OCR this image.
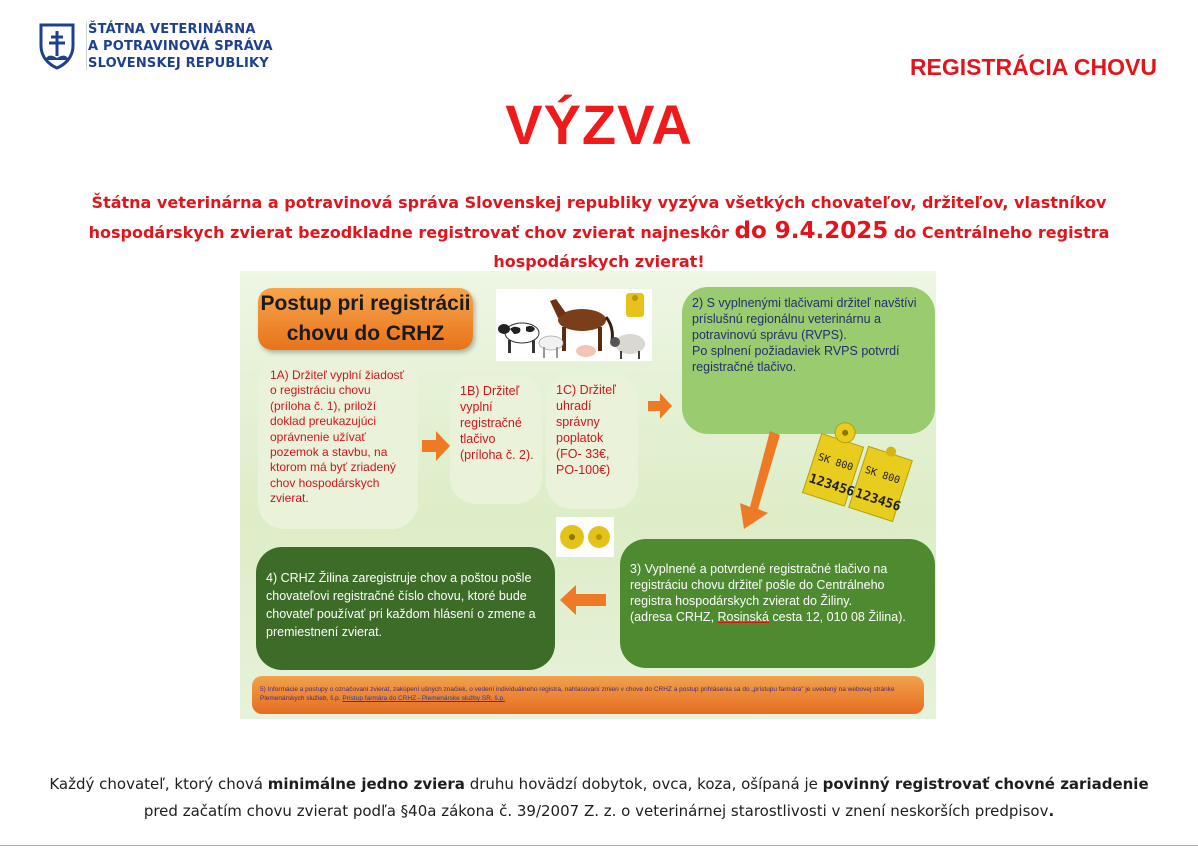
ŠTÁTNA VETERINÁRNA
A POTRAVINOVÁ SPRÁVA
SLOVENSKEJ REPUBLIKY	REGISTRÁCIA CHOVU
VÝZVA
Štátna veterinárna a potravinová správa Slovenskej republiky vyzýva všetkých chovateľov, držiteľov, vlastníkov hospodárskych zvierat bezodkladne registrovať chov zvierat najneskôr do 9.4.2025 do Centrálneho registra hospodárskych zvierat!
Postup pri registrácii
chovu do CRHZ
1A) Držiteľ vyplní žiadosť o registráciu chovu (príloha č. 1), priloží doklad preukazujúci oprávnenie užívať pozemok a stavbu, na ktorom má byť zriadený chov hospodárskych zvierat.
1B) Držiteľ vyplní registračné tlačivo (príloha č. 2).
1C) Držiteľ uhradí správny poplatok (FO- 33€, PO-100€)
2) S vyplnenými tlačivami držiteľ navštívi príslušnú regionálnu veterinárnu a potravinovú správu (RVPS).
Po splnení požiadaviek RVPS potvrdí registračné tlačivo.
3) Vyplnené a potvrdené registračné tlačivo na registráciu chovu držiteľ pošle do Centrálneho registra hospodárskych zvierat do Žiliny.
(adresa CRHZ, Rosinská cesta 12, 010 08 Žilina).
4) CRHZ Žilina zaregistruje chov a poštou pošle chovateľovi registračné číslo chovu, ktoré bude chovateľ používať pri každom hlásení o zmene a premiestnení zvierat.
SK 800
123456 SK 800
123456
5) Informácie a postupy o označovaní zvierat, zakúpení ušných značiek, o vedení individuálneho registra, nahlasovaní zmien v chove do CRHZ a postup prihlásenia sa do „prístupu farmára" je uvedený na webovej stránke Plemenárskych služieb, š.p. Prístup farmára do CRHZ - Plemenárske služby SR, š.p.
Každý chovateľ, ktorý chová minimálne jedno zviera druhu hovädzí dobytok, ovca, koza, ošípaná je povinný registrovať chovné zariadenie pred začatím chovu zvierat podľa §40a zákona č. 39/2007 Z. z. o veterinárnej starostlivosti v znení neskorších predpisov.
